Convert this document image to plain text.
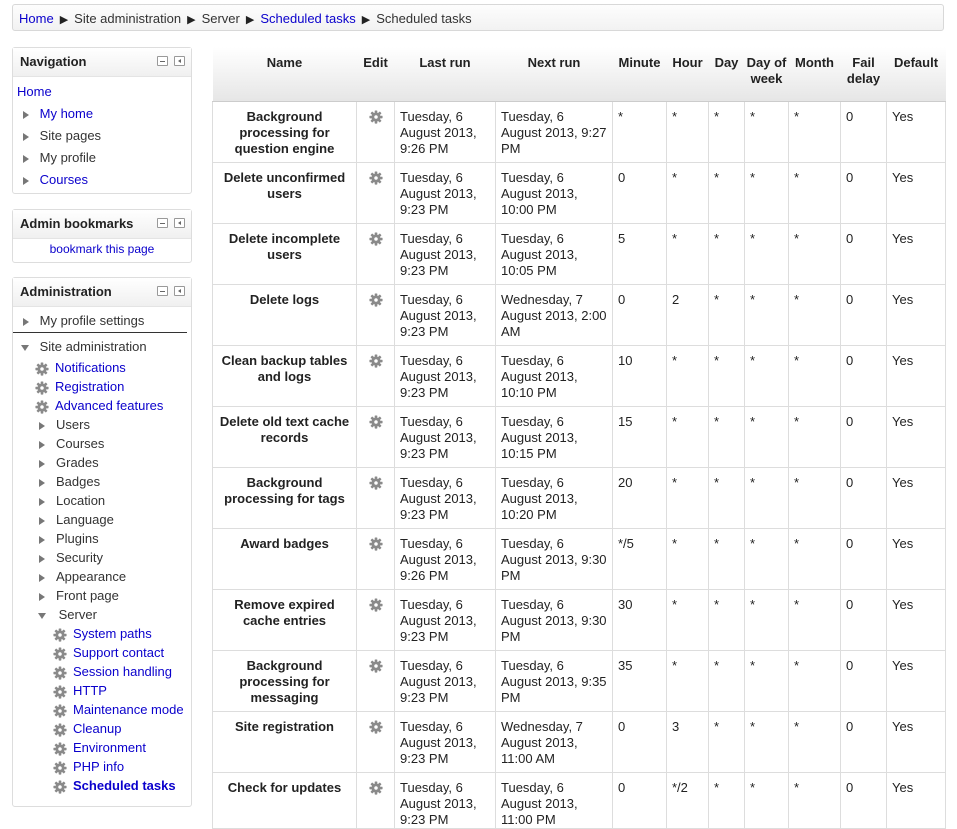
Home ▶ Site administration ▶ Server ▶ Scheduled tasks ▶ Scheduled tasks
Navigation
Home
My home
Site pages
My profile
Courses
Admin bookmarks
bookmark this page
Administration
My profile settings
Site administration
Notifications
Registration
Advanced features
Users
Courses
Grades
Badges
Location
Language
Plugins
Security
Appearance
Front page
Server
System paths
Support contact
Session handling
HTTP
Maintenance mode
Cleanup
Environment
PHP info
Scheduled tasks
Name	Edit	Last run	Next run	Minute	Hour	Day	Day of week	Month	Fail delay	Default
Background processing for question engine		Tuesday, 6 August 2013, 9:26 PM	Tuesday, 6 August 2013, 9:27 PM	*	*	*	*	*	0	Yes
Delete unconfirmed users		Tuesday, 6 August 2013, 9:23 PM	Tuesday, 6 August 2013, 10:00 PM	0	*	*	*	*	0	Yes
Delete incomplete users		Tuesday, 6 August 2013, 9:23 PM	Tuesday, 6 August 2013, 10:05 PM	5	*	*	*	*	0	Yes
Delete logs		Tuesday, 6 August 2013, 9:23 PM	Wednesday, 7 August 2013, 2:00 AM	0	2	*	*	*	0	Yes
Clean backup tables and logs		Tuesday, 6 August 2013, 9:23 PM	Tuesday, 6 August 2013, 10:10 PM	10	*	*	*	*	0	Yes
Delete old text cache records		Tuesday, 6 August 2013, 9:23 PM	Tuesday, 6 August 2013, 10:15 PM	15	*	*	*	*	0	Yes
Background processing for tags		Tuesday, 6 August 2013, 9:23 PM	Tuesday, 6 August 2013, 10:20 PM	20	*	*	*	*	0	Yes
Award badges		Tuesday, 6 August 2013, 9:26 PM	Tuesday, 6 August 2013, 9:30 PM	*/5	*	*	*	*	0	Yes
Remove expired cache entries		Tuesday, 6 August 2013, 9:23 PM	Tuesday, 6 August 2013, 9:30 PM	30	*	*	*	*	0	Yes
Background processing for messaging		Tuesday, 6 August 2013, 9:23 PM	Tuesday, 6 August 2013, 9:35 PM	35	*	*	*	*	0	Yes
Site registration		Tuesday, 6 August 2013, 9:23 PM	Wednesday, 7 August 2013, 11:00 AM	0	3	*	*	*	0	Yes
Check for updates		Tuesday, 6 August 2013, 9:23 PM	Tuesday, 6 August 2013, 11:00 PM	0	*/2	*	*	*	0	Yes
